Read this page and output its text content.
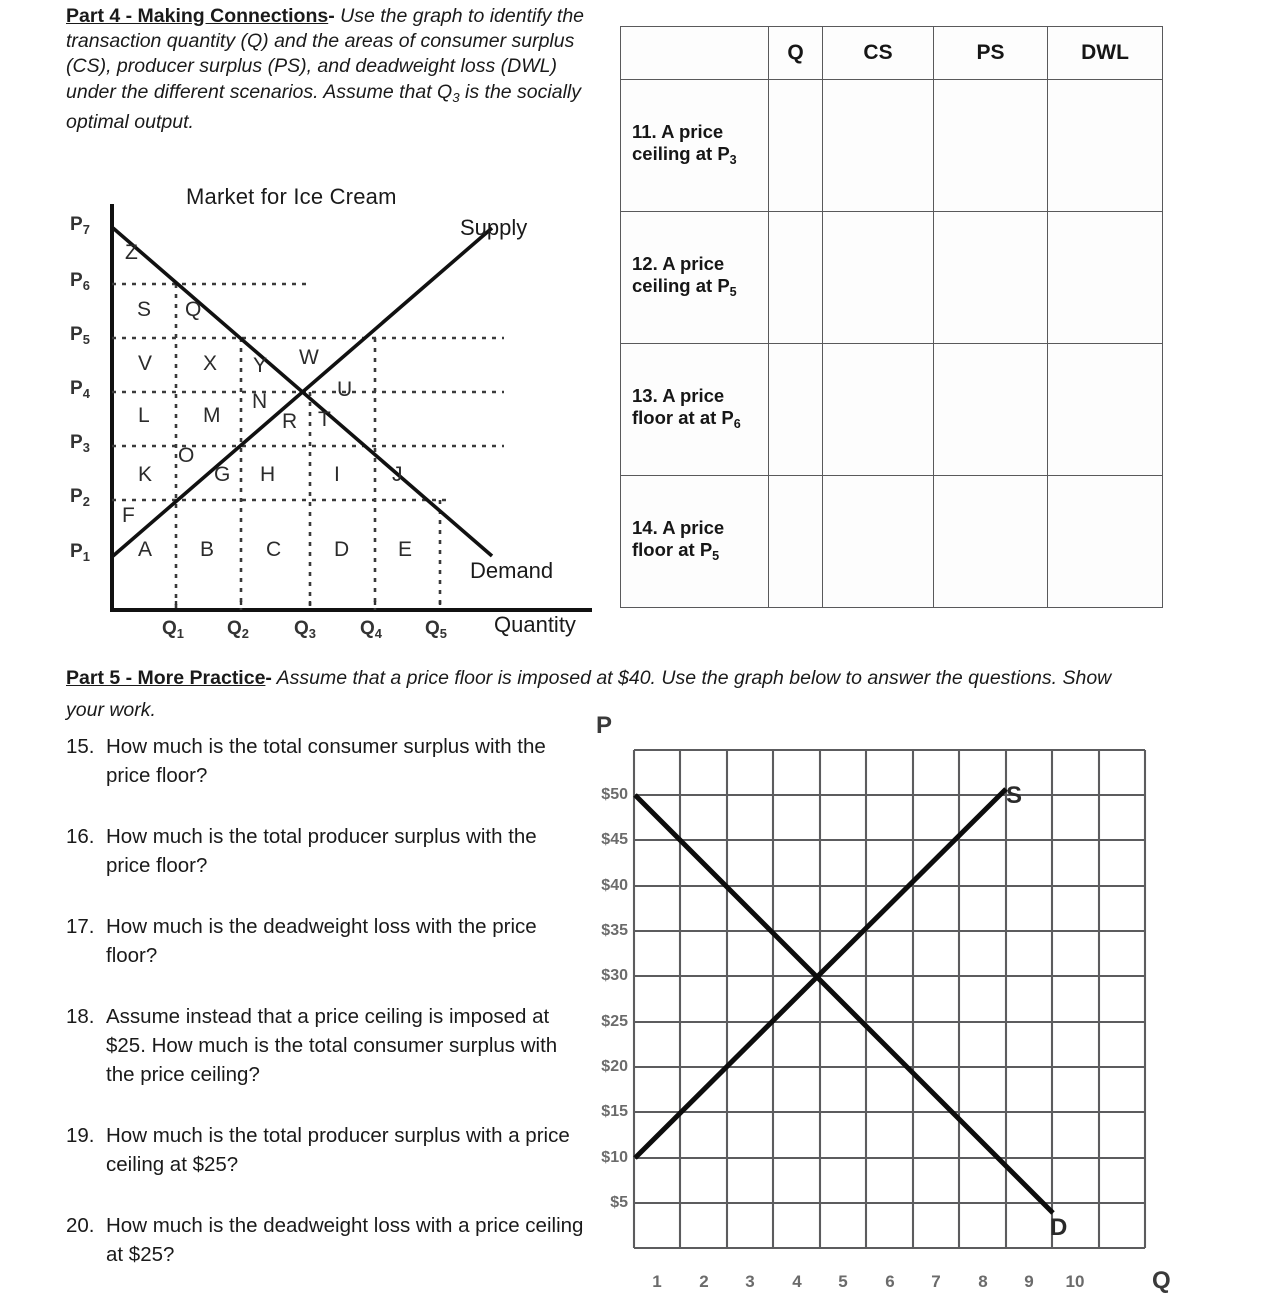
Part 4 - Making Connections- Use the graph to identify the transaction quantity (Q) and the areas of consumer surplus (CS), producer surplus (PS), and deadweight loss (DWL) under the different scenarios. Assume that $Q_3$ is the socially optimal output.
Market for Ice Cream
$P_7$
$P_6$
$P_5$
$P_4$
$P_3$
$P_2$
$P_1$
$Q_1$ $Q_2$ $Q_3$ $Q_4$ $Q_5$ Quantity
Supply
Demand
Z
S Q
V X Y W
U
L	M
N
R T
K
O
G H	I J
F
A B C	D E
	Q	CS	PS	DWL
11. A price ceiling at $P_3$				
12. A price ceiling at $P_5$				
13. A price floor at at $P_6$				
14. A price floor at $P_5$				
Part 5 - More Practice- Assume that a price floor is imposed at $40. Use the graph below to answer the questions. Show your work.
15. How much is the total consumer surplus with the price floor?
16. How much is the total producer surplus with the price floor?
17. How much is the deadweight loss with the price floor?
18. Assume instead that a price ceiling is imposed at $25. How much is the total consumer surplus with the price ceiling?
19. How much is the total producer surplus with a price ceiling at $25?
20. How much is the deadweight loss with a price ceiling at $25?
P
$50
$45
$40
$35
$30
$25
$20
$15
$10
$5
S
D
1	2	3	4	5	6	7	8	9	10	Q
